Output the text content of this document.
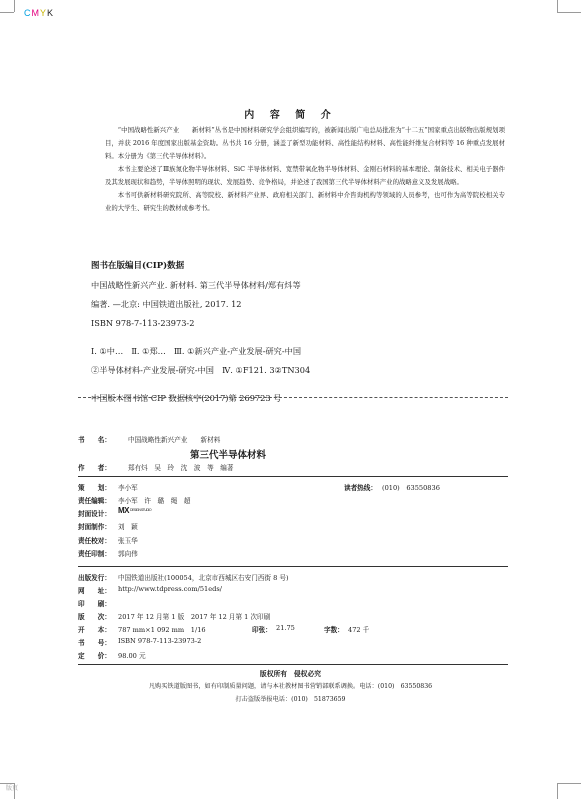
CMYK
内 容 简 介

“中国战略性新兴产业　　新材料”丛书是中国材料研究学会组织编写的，被新闻出版广电总局批准为“十二五”国家重点出版物出版规划项目，并获 2016 年度国家出版基金资助。丛书共 16 分册，涵盖了新型功能材料、高性能结构材料、高性能纤维复合材料等 16 种重点发展材料。本分册为《第三代半导体材料》。

本书主要论述了Ⅲ族氮化物半导体材料、SiC 半导体材料、宽禁带氧化物半导体材料、金刚石材料的基本理论、制备技术、相关电子器件及其发展现状和趋势，半导体照明的现状、发展趋势、竞争格局，并论述了我国第三代半导体材料产业的战略意义及发展战略。

本书可供新材料研究院所、高等院校、新材料产业界、政府相关部门、新材料中介咨询机构等领域的人员参考，也可作为高等院校相关专业的大学生、研究生的教材或参考书。

图书在版编目(CIP)数据
中国战略性新兴产业. 新材料. 第三代半导体材料/郑有炓等
编著. —北京: 中国铁道出版社, 2017. 12
ISBN 978-7-113-23973-2
Ⅰ. ①中…　Ⅱ. ①郑…　Ⅲ. ①新兴产业-产业发展-研究-中国
②半导体材料-产业发展-研究-中国　Ⅳ. ①F121. 3②TN304
中国版本图书馆 CIP 数据核字(2017)第 269723 号
书　　名：	中国战略性新兴产业　　新材料
第三代半导体材料
作　　者：	郑有炓　吴　玲　沈　波　等　编著
策　　划： 李小军	读者热线： (010)　63550836
责任编辑： 李小军　许　璐　绳　超
封面设计： MXDESIGN STUDIO
封面制作： 刘　颖
责任校对： 张玉华
责任印制： 郭向伟
出版发行： 中国铁道出版社(100054，北京市西城区右安门西街 8 号)
网　　址： http://www.tdpress.com/51eds/
印　　刷：
版　　次： 2017 年 12 月第 1 版　2017 年 12 月第 1 次印刷
开　　本： 787 mm×1 092 mm　1/16	印张： 21.75	字数： 472 千
书　　号： ISBN 978-7-113-23973-2
定　　价： 98.00 元
版权所有　侵权必究
凡购买铁道版图书，如有印制质量问题，请与本社教材图书营销部联系调换。电话：(010)　63550836
打击盗版举报电话：(010)　51873659
版页
